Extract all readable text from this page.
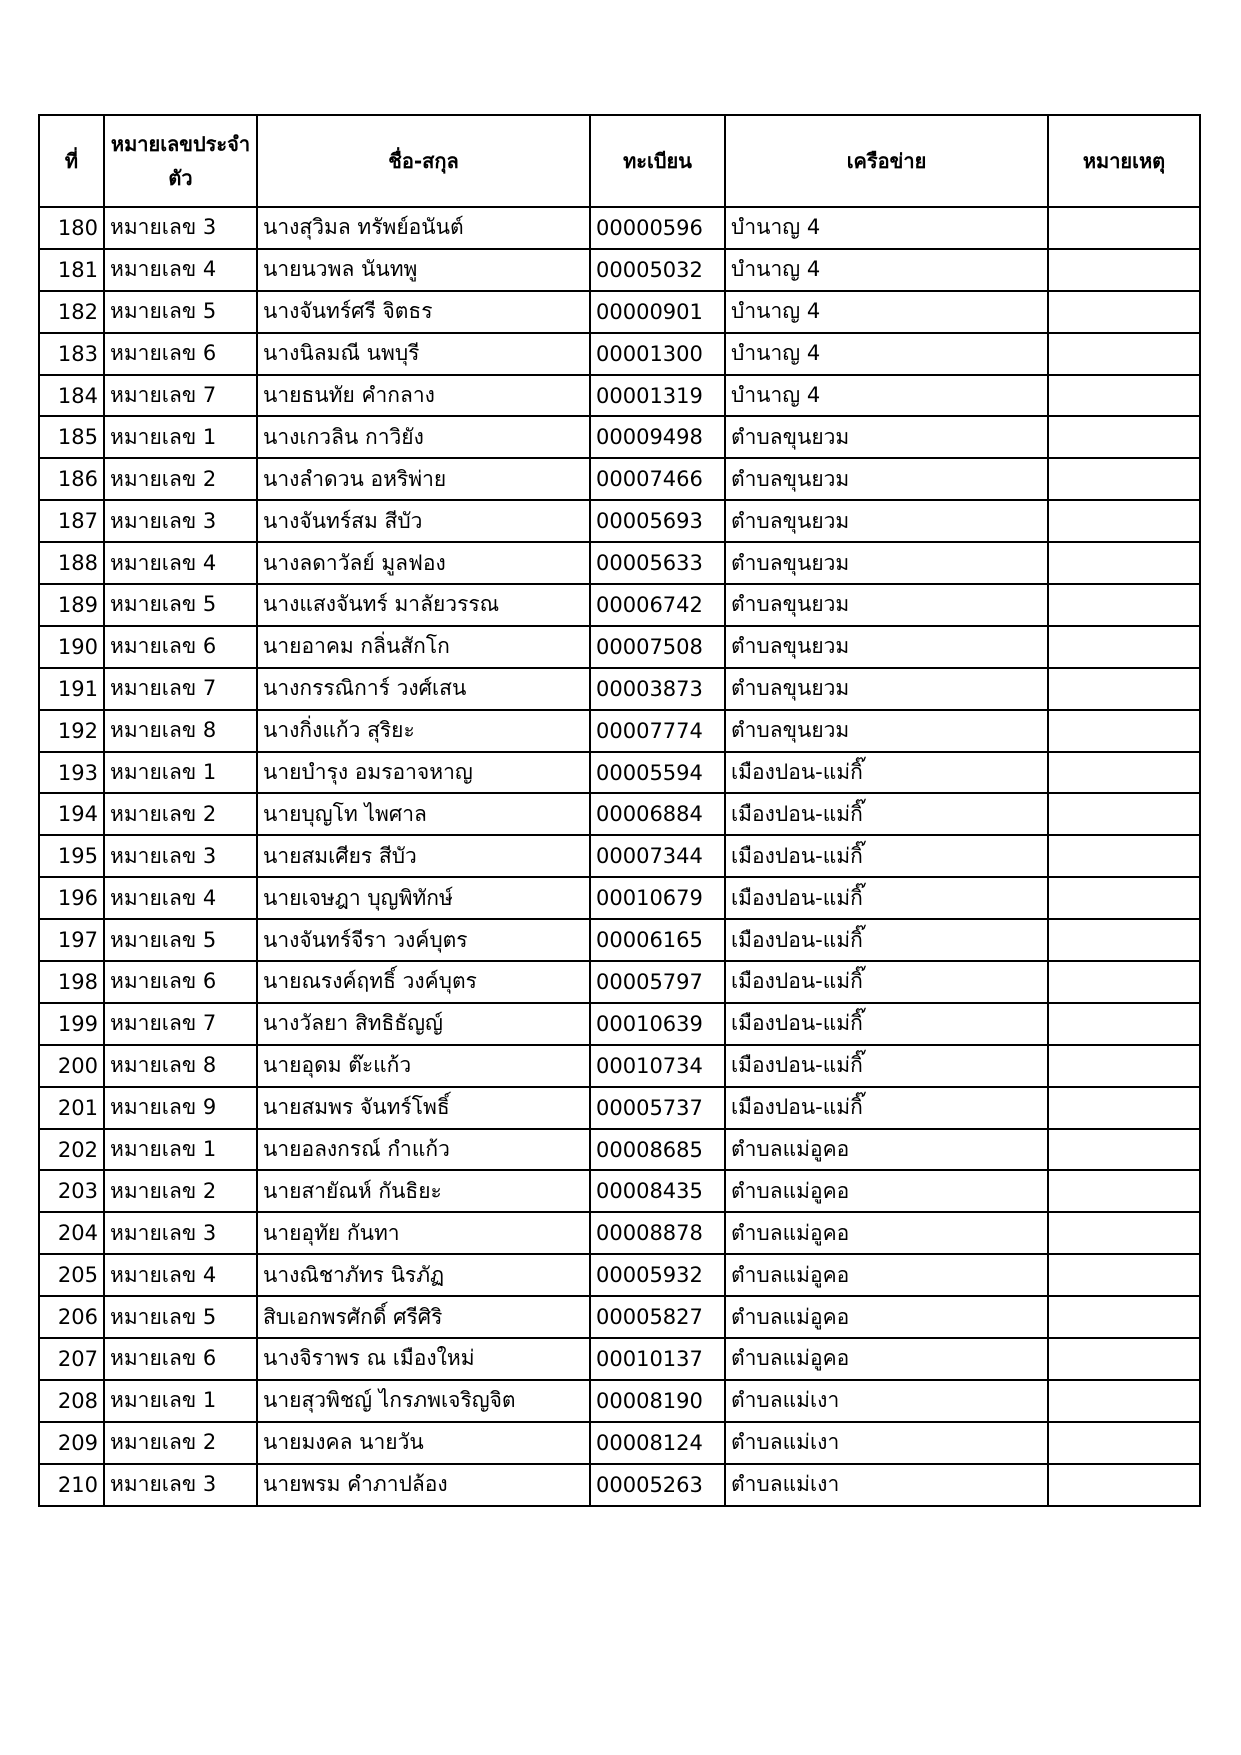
ที่	หมายเลขประจำตัว	ชื่อ-สกุล	ทะเบียน	เครือข่าย	หมายเหตุ
180	หมายเลข 3	นางสุวิมล ทรัพย์อนันต์	00000596	บำนาญ 4	
181	หมายเลข 4	นายนวพล นันทพู	00005032	บำนาญ 4	
182	หมายเลข 5	นางจันทร์ศรี จิตธร	00000901	บำนาญ 4	
183	หมายเลข 6	นางนิลมณี นพบุรี	00001300	บำนาญ 4	
184	หมายเลข 7	นายธนทัย คำกลาง	00001319	บำนาญ 4	
185	หมายเลข 1	นางเกวลิน กาวิยัง	00009498	ตำบลขุนยวม	
186	หมายเลข 2	นางลำดวน อหริพ่าย	00007466	ตำบลขุนยวม	
187	หมายเลข 3	นางจันทร์สม สีบัว	00005693	ตำบลขุนยวม	
188	หมายเลข 4	นางลดาวัลย์ มูลฟอง	00005633	ตำบลขุนยวม	
189	หมายเลข 5	นางแสงจันทร์ มาลัยวรรณ	00006742	ตำบลขุนยวม	
190	หมายเลข 6	นายอาคม กลิ่นสักโก	00007508	ตำบลขุนยวม	
191	หมายเลข 7	นางกรรณิการ์ วงศ์เสน	00003873	ตำบลขุนยวม	
192	หมายเลข 8	นางกิ่งแก้ว สุริยะ	00007774	ตำบลขุนยวม	
193	หมายเลข 1	นายบำรุง อมรอาจหาญ	00005594	เมืองปอน-แม่กิ๊	
194	หมายเลข 2	นายบุญโท ไพศาล	00006884	เมืองปอน-แม่กิ๊	
195	หมายเลข 3	นายสมเศียร สีบัว	00007344	เมืองปอน-แม่กิ๊	
196	หมายเลข 4	นายเจษฎา บุญพิทักษ์	00010679	เมืองปอน-แม่กิ๊	
197	หมายเลข 5	นางจันทร์จีรา วงค์บุตร	00006165	เมืองปอน-แม่กิ๊	
198	หมายเลข 6	นายณรงค์ฤทธิ์ วงค์บุตร	00005797	เมืองปอน-แม่กิ๊	
199	หมายเลข 7	นางวัลยา สิทธิธัญญ์	00010639	เมืองปอน-แม่กิ๊	
200	หมายเลข 8	นายอุดม ต๊ะแก้ว	00010734	เมืองปอน-แม่กิ๊	
201	หมายเลข 9	นายสมพร จันทร์โพธิ์	00005737	เมืองปอน-แม่กิ๊	
202	หมายเลข 1	นายอลงกรณ์ กำแก้ว	00008685	ตำบลแม่อูคอ	
203	หมายเลข 2	นายสายัณห์ กันธิยะ	00008435	ตำบลแม่อูคอ	
204	หมายเลข 3	นายอุทัย กันทา	00008878	ตำบลแม่อูคอ	
205	หมายเลข 4	นางณิชาภัทร นิรภัฏ	00005932	ตำบลแม่อูคอ	
206	หมายเลข 5	สิบเอกพรศักดิ์ ศรีศิริ	00005827	ตำบลแม่อูคอ	
207	หมายเลข 6	นางจิราพร ณ เมืองใหม่	00010137	ตำบลแม่อูคอ	
208	หมายเลข 1	นายสุวพิชญ์ ไกรภพเจริญจิต	00008190	ตำบลแม่เงา	
209	หมายเลข 2	นายมงคล นายวัน	00008124	ตำบลแม่เงา	
210	หมายเลข 3	นายพรม คำภาปล้อง	00005263	ตำบลแม่เงา	
